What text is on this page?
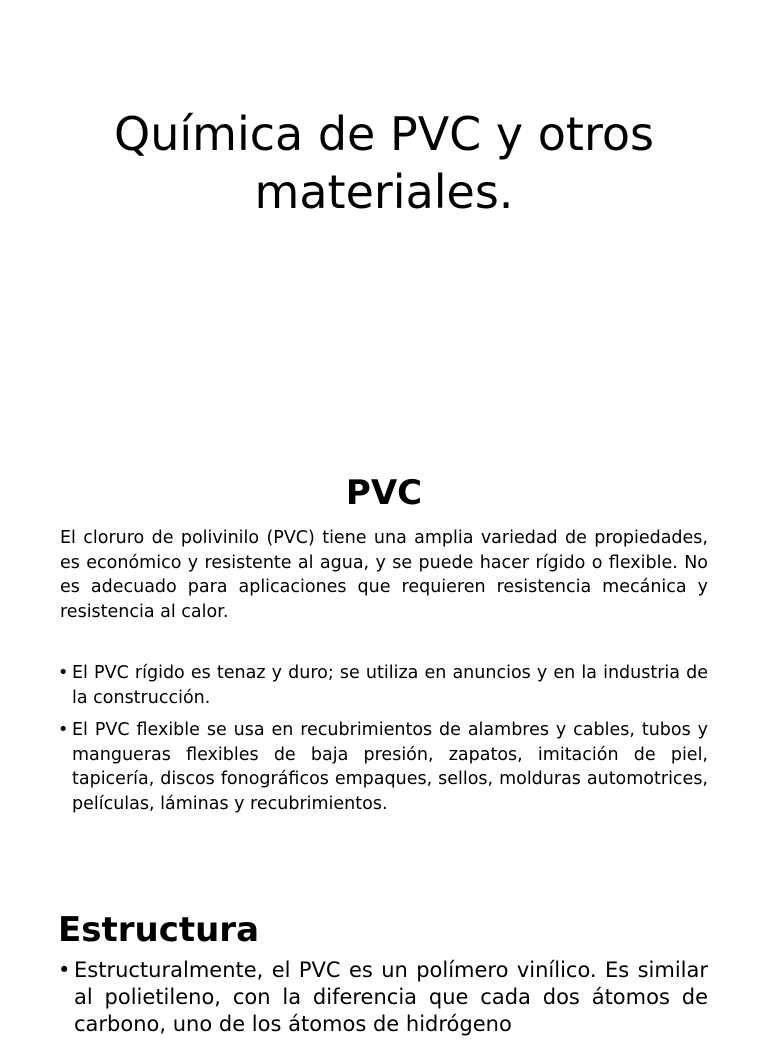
Química de PVC y otros materiales.
PVC

El cloruro de polivinilo (PVC) tiene una amplia variedad de propiedades, es económico y resistente al agua, y se puede hacer rígido o flexible. No es adecuado para aplicaciones que requieren resistencia mecánica y resistencia al calor.

• El PVC rígido es tenaz y duro; se utiliza en anuncios y en la industria de la construcción.
• El PVC flexible se usa en recubrimientos de alambres y cables, tubos y mangueras flexibles de baja presión, zapatos, imitación de piel, tapicería, discos fonográficos empaques, sellos, molduras automotrices, películas, láminas y recubrimientos.
Estructura
• Estructuralmente, el PVC es un polímero vinílico. Es similar al polietileno, con la diferencia que cada dos átomos de carbono, uno de los átomos de hidrógeno
